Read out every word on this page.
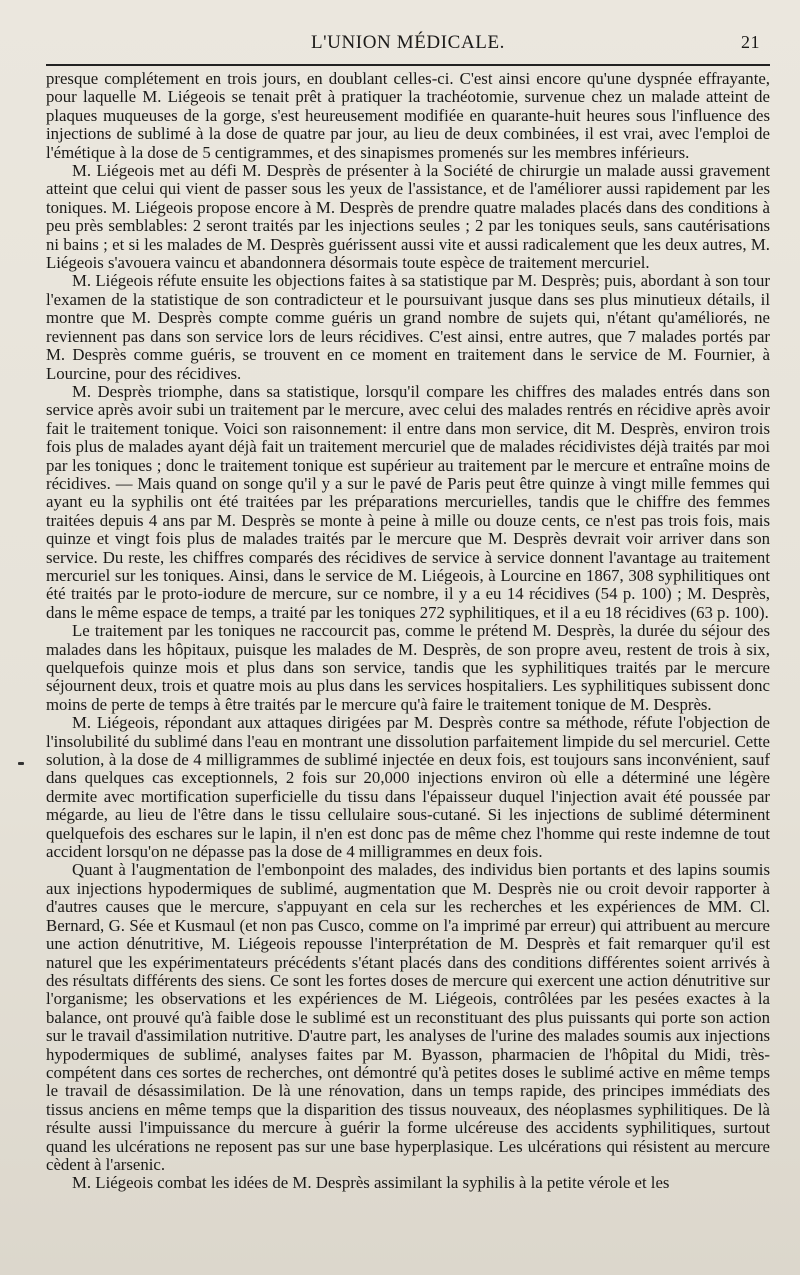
L'UNION MÉDICALE.	21

presque complétement en trois jours, en doublant celles-ci. C'est ainsi encore qu'une dyspnée effrayante, pour laquelle M. Liégeois se tenait prêt à pratiquer la trachéotomie, survenue chez un malade atteint de plaques muqueuses de la gorge, s'est heureusement modifiée en quarante-huit heures sous l'influence des injections de sublimé à la dose de quatre par jour, au lieu de deux combinées, il est vrai, avec l'emploi de l'émétique à la dose de 5 centigrammes, et des sinapismes promenés sur les membres inférieurs.

M. Liégeois met au défi M. Desprès de présenter à la Société de chirurgie un malade aussi gravement atteint que celui qui vient de passer sous les yeux de l'assistance, et de l'améliorer aussi rapidement par les toniques. M. Liégeois propose encore à M. Desprès de prendre quatre malades placés dans des conditions à peu près semblables: 2 seront traités par les injections seules ; 2 par les toniques seuls, sans cautérisations ni bains ; et si les malades de M. Desprès guérissent aussi vite et aussi radicalement que les deux autres, M. Liégeois s'avouera vaincu et abandonnera désormais toute espèce de traitement mercuriel.

M. Liégeois réfute ensuite les objections faites à sa statistique par M. Desprès; puis, abordant à son tour l'examen de la statistique de son contradicteur et le poursuivant jusque dans ses plus minutieux détails, il montre que M. Desprès compte comme guéris un grand nombre de sujets qui, n'étant qu'améliorés, ne reviennent pas dans son service lors de leurs récidives. C'est ainsi, entre autres, que 7 malades portés par M. Desprès comme guéris, se trouvent en ce moment en traitement dans le service de M. Fournier, à Lourcine, pour des récidives.

M. Desprès triomphe, dans sa statistique, lorsqu'il compare les chiffres des malades entrés dans son service après avoir subi un traitement par le mercure, avec celui des malades rentrés en récidive après avoir fait le traitement tonique. Voici son raisonnement: il entre dans mon service, dit M. Desprès, environ trois fois plus de malades ayant déjà fait un traitement mercuriel que de malades récidivistes déjà traités par moi par les toniques ; donc le traitement tonique est supérieur au traitement par le mercure et entraîne moins de récidives. — Mais quand on songe qu'il y a sur le pavé de Paris peut être quinze à vingt mille femmes qui ayant eu la syphilis ont été traitées par les préparations mercurielles, tandis que le chiffre des femmes traitées depuis 4 ans par M. Desprès se monte à peine à mille ou douze cents, ce n'est pas trois fois, mais quinze et vingt fois plus de malades traités par le mercure que M. Desprès devrait voir arriver dans son service. Du reste, les chiffres comparés des récidives de service à service donnent l'avantage au traitement mercuriel sur les toniques. Ainsi, dans le service de M. Liégeois, à Lourcine en 1867, 308 syphilitiques ont été traités par le proto-iodure de mercure, sur ce nombre, il y a eu 14 récidives (54 p. 100) ; M. Desprès, dans le même espace de temps, a traité par les toniques 272 syphilitiques, et il a eu 18 récidives (63 p. 100).

Le traitement par les toniques ne raccourcit pas, comme le prétend M. Desprès, la durée du séjour des malades dans les hôpitaux, puisque les malades de M. Desprès, de son propre aveu, restent de trois à six, quelquefois quinze mois et plus dans son service, tandis que les syphilitiques traités par le mercure séjournent deux, trois et quatre mois au plus dans les services hospitaliers. Les syphilitiques subissent donc moins de perte de temps à être traités par le mercure qu'à faire le traitement tonique de M. Desprès.

M. Liégeois, répondant aux attaques dirigées par M. Desprès contre sa méthode, réfute l'objection de l'insolubilité du sublimé dans l'eau en montrant une dissolution parfaitement limpide du sel mercuriel. Cette solution, à la dose de 4 milligrammes de sublimé injectée en deux fois, est toujours sans inconvénient, sauf dans quelques cas exceptionnels, 2 fois sur 20,000 injections environ où elle a déterminé une légère dermite avec mortification superficielle du tissu dans l'épaisseur duquel l'injection avait été poussée par mégarde, au lieu de l'être dans le tissu cellulaire sous-cutané. Si les injections de sublimé déterminent quelquefois des eschares sur le lapin, il n'en est donc pas de même chez l'homme qui reste indemne de tout accident lorsqu'on ne dépasse pas la dose de 4 milligrammes en deux fois.

Quant à l'augmentation de l'embonpoint des malades, des individus bien portants et des lapins soumis aux injections hypodermiques de sublimé, augmentation que M. Desprès nie ou croit devoir rapporter à d'autres causes que le mercure, s'appuyant en cela sur les recherches et les expériences de MM. Cl. Bernard, G. Sée et Kusmaul (et non pas Cusco, comme on l'a imprimé par erreur) qui attribuent au mercure une action dénutritive, M. Liégeois repousse l'interprétation de M. Desprès et fait remarquer qu'il est naturel que les expérimentateurs précédents s'étant placés dans des conditions différentes soient arrivés à des résultats différents des siens. Ce sont les fortes doses de mercure qui exercent une action dénutritive sur l'organisme; les observations et les expériences de M. Liégeois, contrôlées par les pesées exactes à la balance, ont prouvé qu'à faible dose le sublimé est un reconstituant des plus puissants qui porte son action sur le travail d'assimilation nutritive. D'autre part, les analyses de l'urine des malades soumis aux injections hypodermiques de sublimé, analyses faites par M. Byasson, pharmacien de l'hôpital du Midi, très-compétent dans ces sortes de recherches, ont démontré qu'à petites doses le sublimé active en même temps le travail de désassimilation. De là une rénovation, dans un temps rapide, des principes immédiats des tissus anciens en même temps que la disparition des tissus nouveaux, des néoplasmes syphilitiques. De là résulte aussi l'impuissance du mercure à guérir la forme ulcéreuse des accidents syphilitiques, surtout quand les ulcérations ne reposent pas sur une base hyperplasique. Les ulcérations qui résistent au mercure cèdent à l'arsenic.

M. Liégeois combat les idées de M. Desprès assimilant la syphilis à la petite vérole et les
